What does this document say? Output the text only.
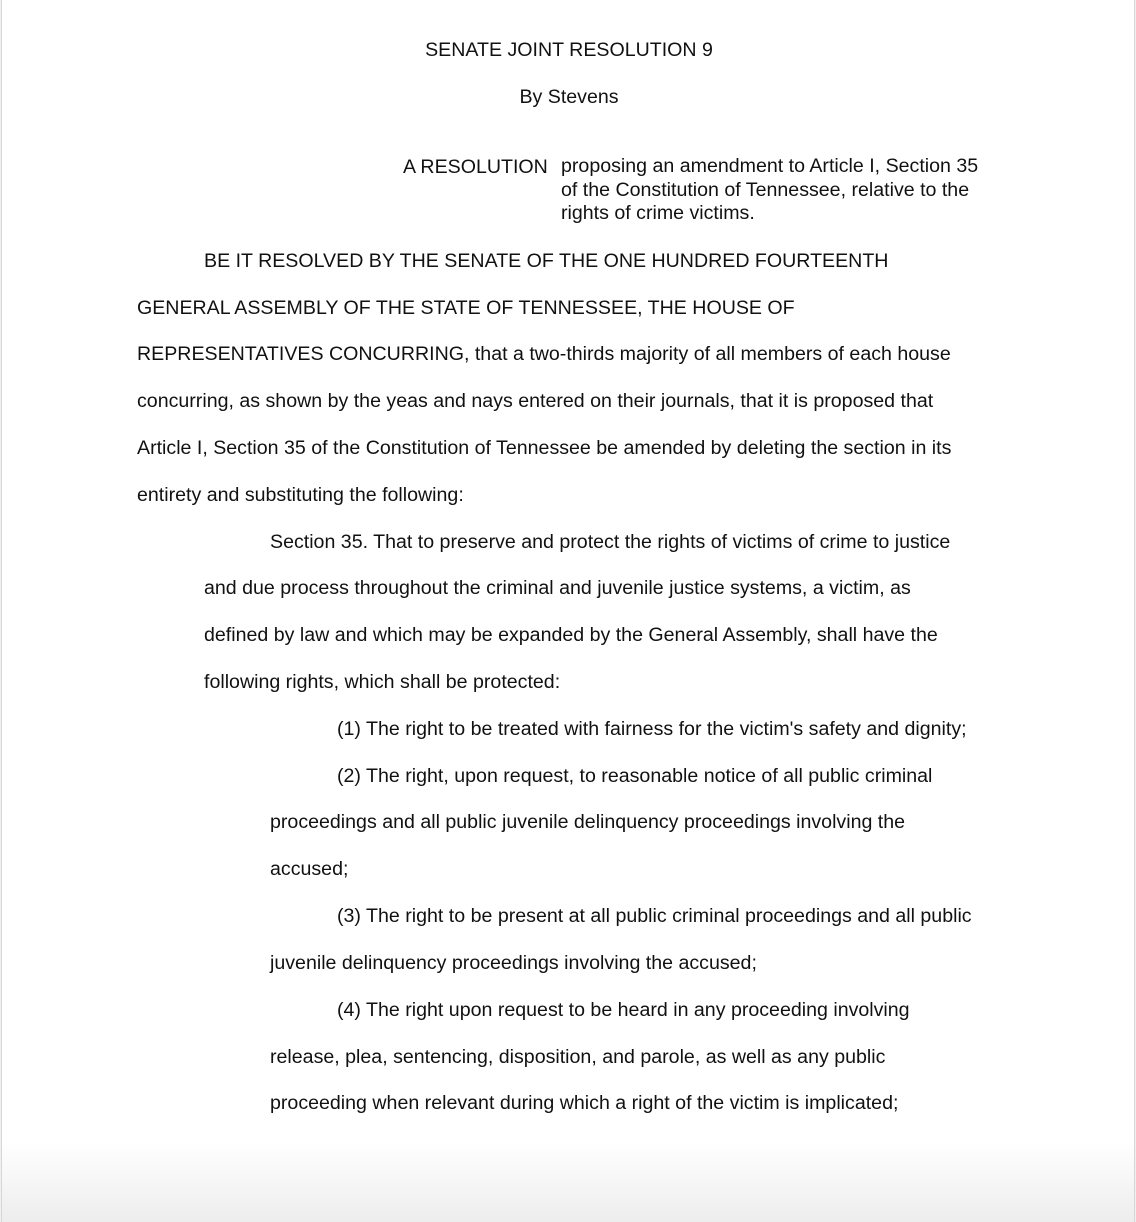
SENATE JOINT RESOLUTION 9

By Stevens

A RESOLUTION proposing an amendment to Article I, Section 35
of the Constitution of Tennessee, relative to the
rights of crime victims.

BE IT RESOLVED BY THE SENATE OF THE ONE HUNDRED FOURTEENTH

GENERAL ASSEMBLY OF THE STATE OF TENNESSEE, THE HOUSE OF

REPRESENTATIVES CONCURRING, that a two-thirds majority of all members of each house

concurring, as shown by the yeas and nays entered on their journals, that it is proposed that

Article I, Section 35 of the Constitution of Tennessee be amended by deleting the section in its

entirety and substituting the following:

Section 35. That to preserve and protect the rights of victims of crime to justice

and due process throughout the criminal and juvenile justice systems, a victim, as

defined by law and which may be expanded by the General Assembly, shall have the

following rights, which shall be protected:

(1) The right to be treated with fairness for the victim's safety and dignity;

(2) The right, upon request, to reasonable notice of all public criminal

proceedings and all public juvenile delinquency proceedings involving the

accused;

(3) The right to be present at all public criminal proceedings and all public

juvenile delinquency proceedings involving the accused;

(4) The right upon request to be heard in any proceeding involving

release, plea, sentencing, disposition, and parole, as well as any public

proceeding when relevant during which a right of the victim is implicated;
